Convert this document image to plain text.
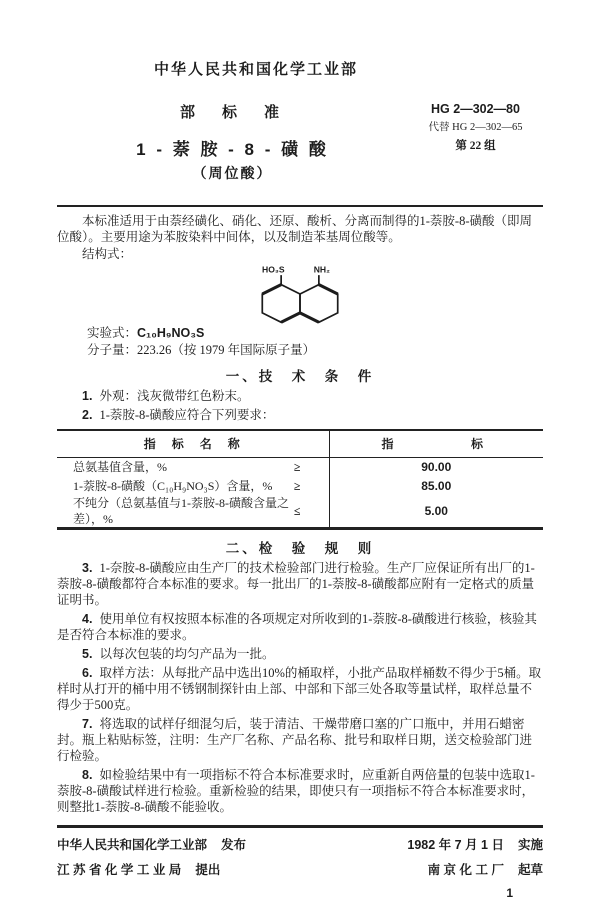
中华人民共和国化学工业部
部　标　准
1 - 萘 胺 - 8 - 磺 酸
（周位酸）
HG 2—302—80
代替 HG 2—302—65
第 22 组

本标准适用于由萘经磺化、硝化、还原、酸析、分离而制得的1-萘胺-8-磺酸（即周位酸）。主要用途为苯胺染料中间体，以及制造苯基周位酸等。

结构式：

HO₃S	NH₂

实验式：C₁₀H₉NO₃S

分子量：223.26（按 1979 年国际原子量）

一、技　术　条　件

1. 外观：浅灰微带红色粉末。

2. 1-萘胺-8-磺酸应符合下列要求：

指　标　名　称	指 标

总氨基值含量，% ≥	90.00

1-萘胺-8-磺酸（C₁₀H₉NO₃S）含量，% ≥	85.00

不纯分（总氨基值与1-萘胺-8-磺酸含量之差），%
≤	5.00
二、检　验　规　则

3. 1-奈胺-8-磺酸应由生产厂的技术检验部门进行检验。生产厂应保证所有出厂的1-萘胺-8-磺酸都符合本标准的要求。每一批出厂的1-萘胺-8-磺酸都应附有一定格式的质量证明书。

4. 使用单位有权按照本标准的各项规定对所收到的1-萘胺-8-磺酸进行核验，核验其是否符合本标准的要求。

5. 以每次包装的均匀产品为一批。

6. 取样方法：从每批产品中选出10%的桶取样，小批产品取样桶数不得少于5桶。取样时从打开的桶中用不锈钢制探针由上部、中部和下部三处各取等量试样，取样总量不得少于500克。

7. 将选取的试样仔细混匀后，装于清洁、干燥带磨口塞的广口瓶中，并用石蜡密封。瓶上粘贴标签，注明：生产厂名称、产品名称、批号和取样日期，送交检验部门进行检验。

8. 如检验结果中有一项指标不符合本标准要求时，应重新自两倍量的包装中选取1-萘胺-8-磺酸试样进行检验。重新检验的结果，即使只有一项指标不符合本标准要求时，则整批1-萘胺-8-磺酸不能验收。

中华人民共和国化学工业部 发布	1982 年 7 月 1 日 实施
江 苏 省 化 学 工 业 局 提出	南 京 化 工 厂 起草
1
